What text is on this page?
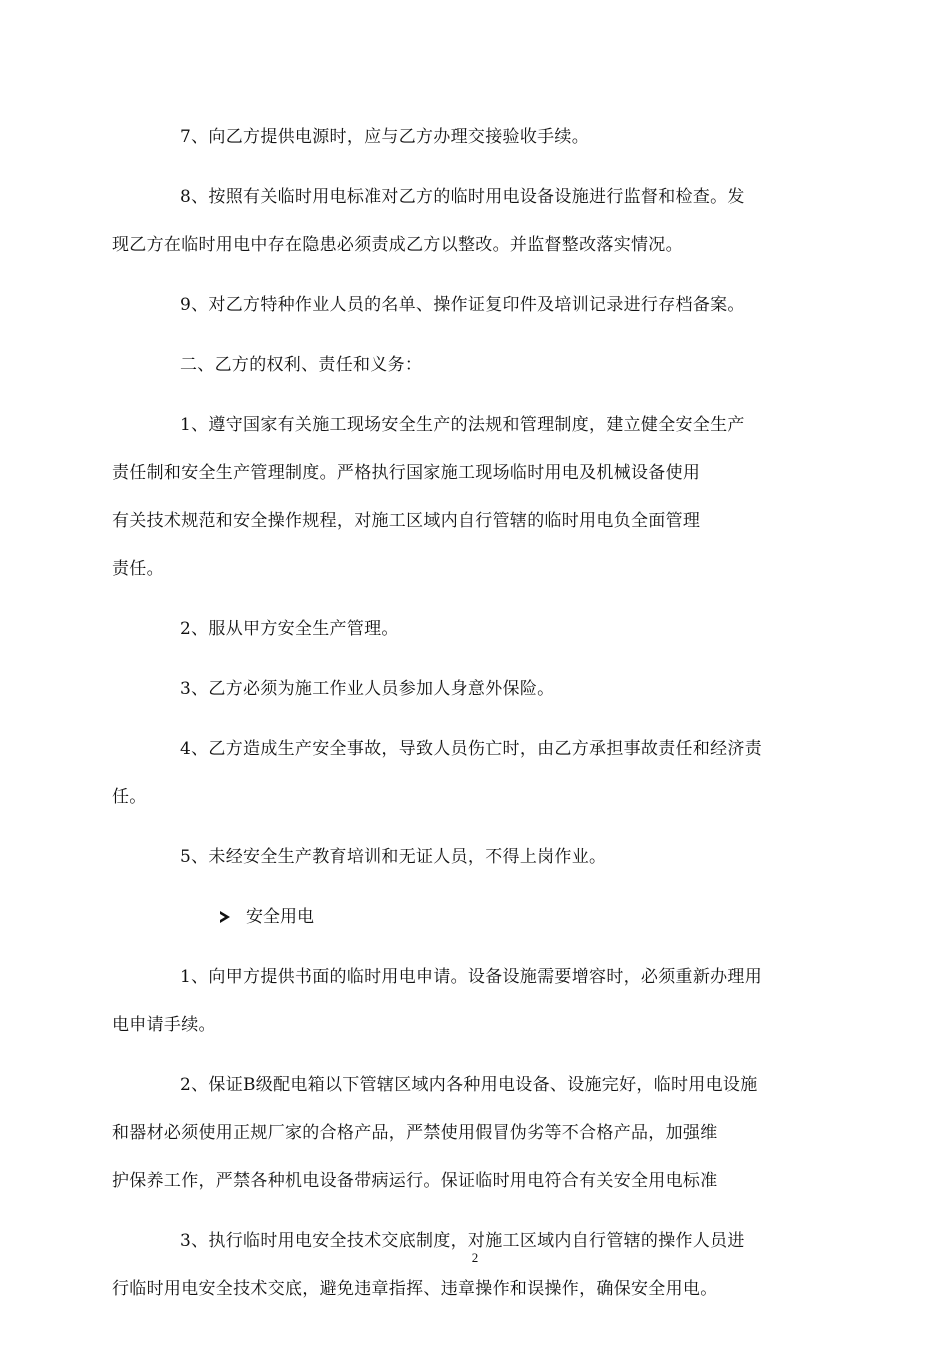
7、向乙方提供电源时，应与乙方办理交接验收手续。

8、按照有关临时用电标准对乙方的临时用电设备设施进行监督和检查。发
现乙方在临时用电中存在隐患必须责成乙方以整改。并监督整改落实情况。

9、对乙方特种作业人员的名单、操作证复印件及培训记录进行存档备案。

二、乙方的权利、责任和义务：

1、遵守国家有关施工现场安全生产的法规和管理制度，建立健全安全生产
责任制和安全生产管理制度。严格执行国家施工现场临时用电及机械设备使用
有关技术规范和安全操作规程，对施工区域内自行管辖的临时用电负全面管理
责任。

2、服从甲方安全生产管理。

3、乙方必须为施工作业人员参加人身意外保险。

4、乙方造成生产安全事故，导致人员伤亡时，由乙方承担事故责任和经济责
任。

5、未经安全生产教育培训和无证人员，不得上岗作业。

安全用电

1、向甲方提供书面的临时用电申请。设备设施需要增容时，必须重新办理用
电申请手续。

2、保证B级配电箱以下管辖区域内各种用电设备、设施完好，临时用电设施
和器材必须使用正规厂家的合格产品，严禁使用假冒伪劣等不合格产品，加强维
护保养工作，严禁各种机电设备带病运行。保证临时用电符合有关安全用电标准

3、执行临时用电安全技术交底制度，对施工区域内自行管辖的操作人员进
行临时用电安全技术交底，避免违章指挥、违章操作和误操作，确保安全用电。

2
